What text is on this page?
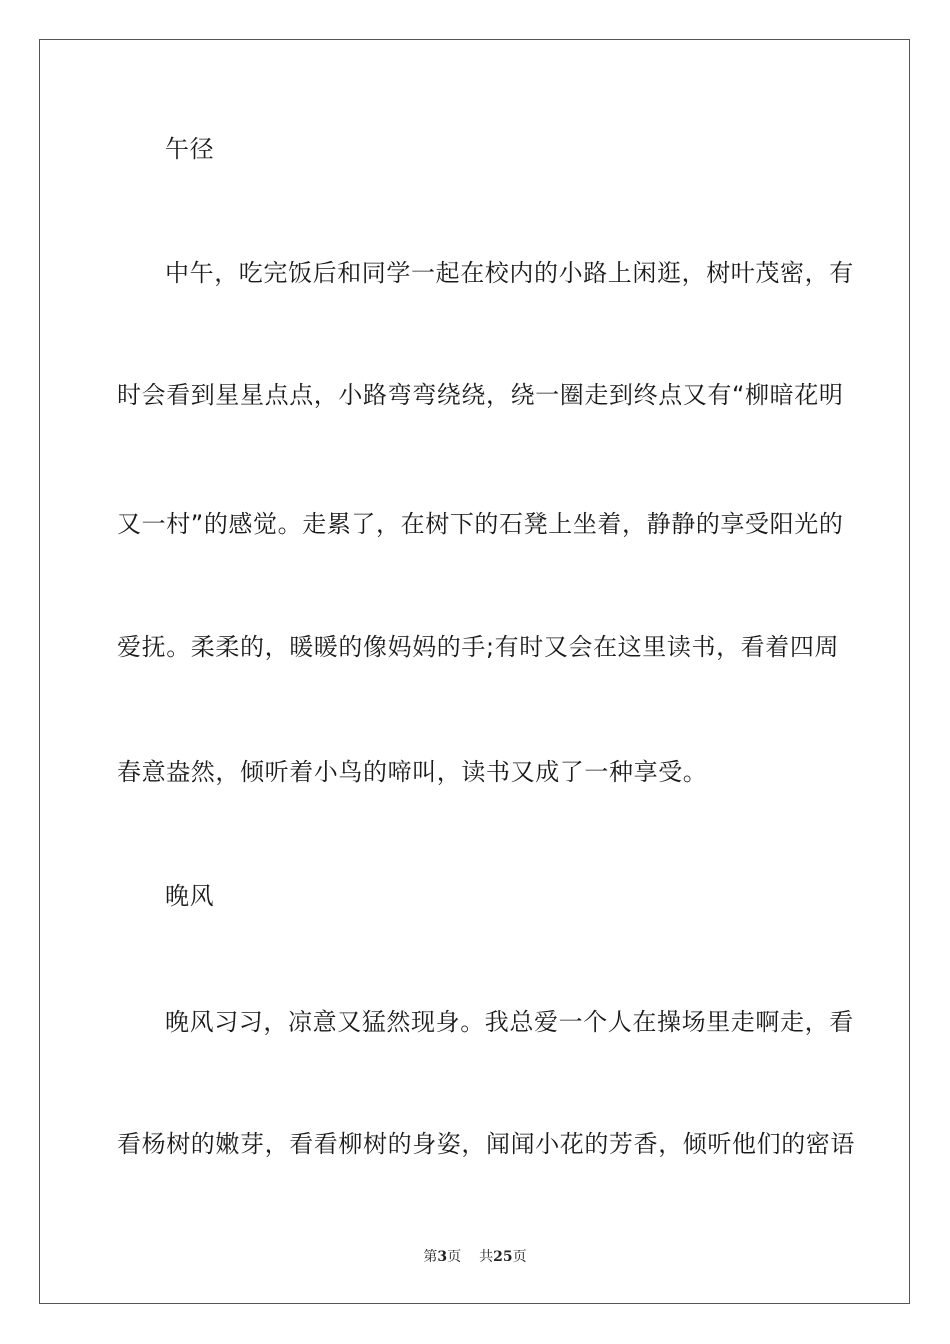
午径
中午，吃完饭后和同学一起在校内的小路上闲逛，树叶茂密，有
时会看到星星点点，小路弯弯绕绕，绕一圈走到终点又有“柳暗花明
又一村”的感觉。走累了，在树下的石凳上坐着，静静的享受阳光的
爱抚。柔柔的，暖暖的像妈妈的手;有时又会在这里读书，看着四周
春意盎然，倾听着小鸟的啼叫，读书又成了一种享受。
晚风
晚风习习，凉意又猛然现身。我总爱一个人在操场里走啊走，看
看杨树的嫩芽，看看柳树的身姿，闻闻小花的芳香，倾听他们的密语
第3页 共25页
